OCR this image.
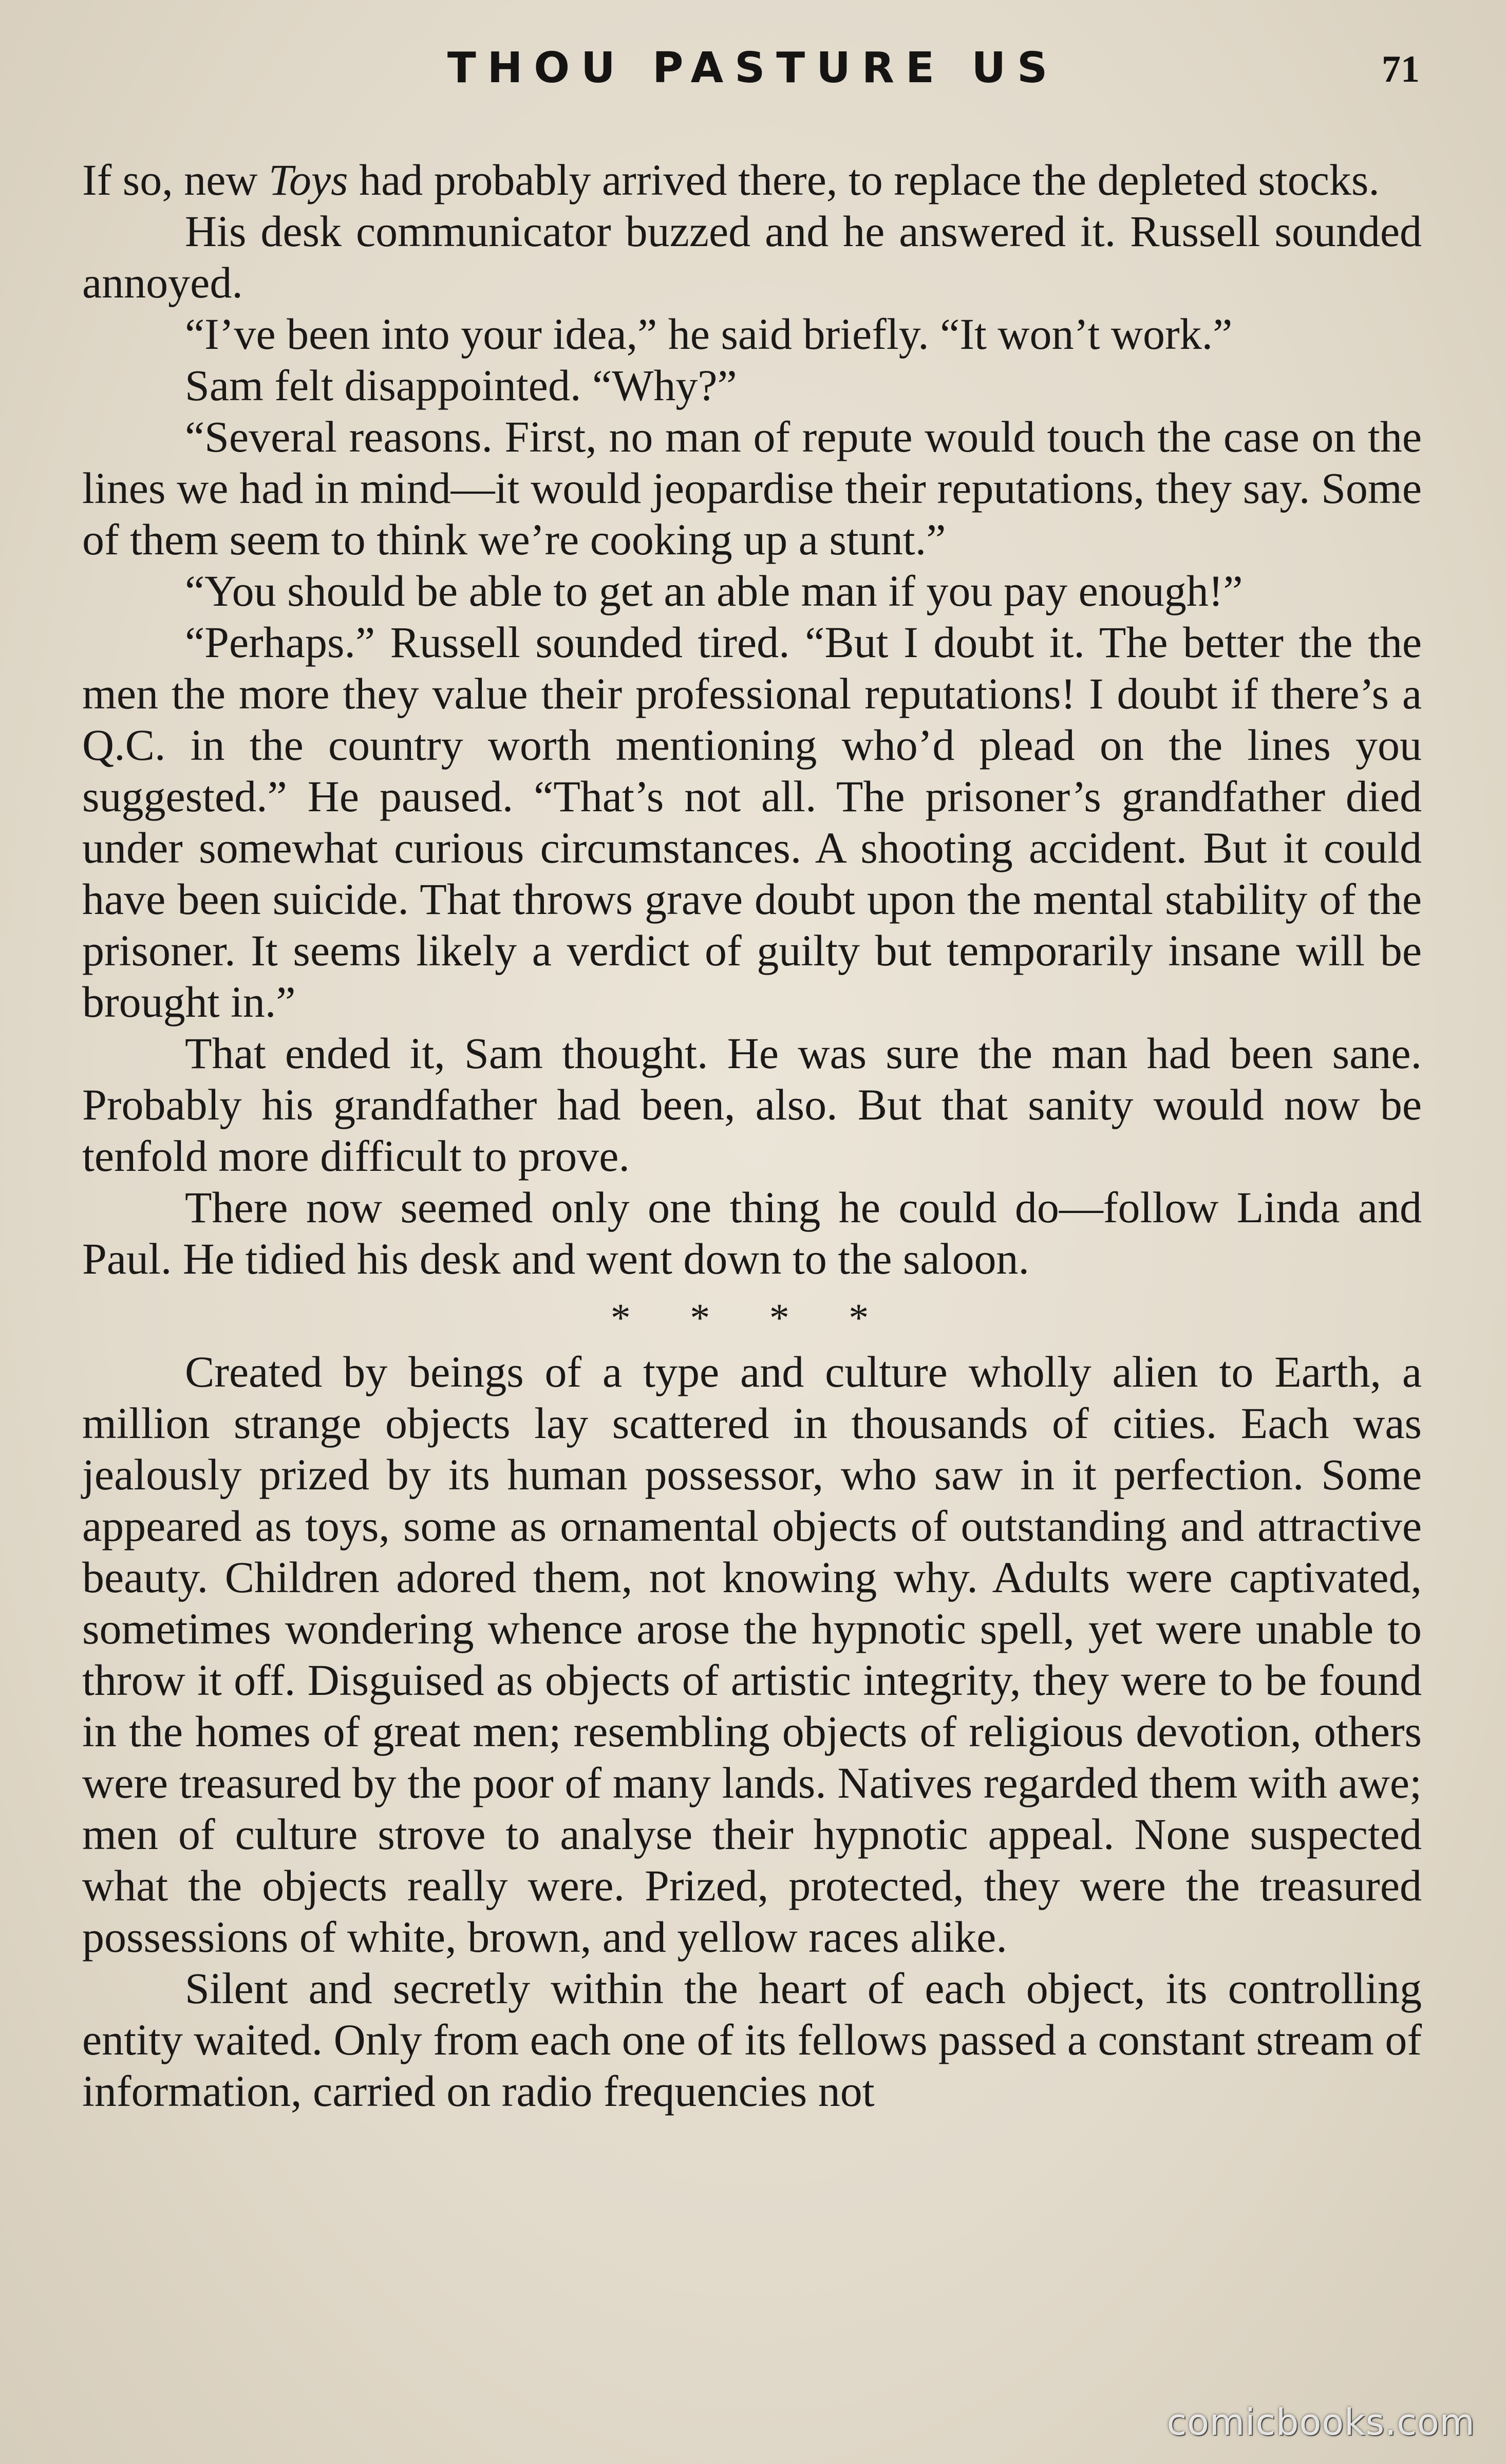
THOU PASTURE US	71

If so, new Toys had probably arrived there, to replace the depleted stocks.

His desk communicator buzzed and he answered it. Russell sounded annoyed.

“I’ve been into your idea,” he said briefly. “It won’t work.”

Sam felt disappointed. “Why?”

“Several reasons. First, no man of repute would touch the case on the lines we had in mind—it would jeopardise their reputations, they say. Some of them seem to think we’re cooking up a stunt.”

“You should be able to get an able man if you pay enough!”

“Perhaps.” Russell sounded tired. “But I doubt it. The better the the men the more they value their professional reputations! I doubt if there’s a Q.C. in the country worth mentioning who’d plead on the lines you suggested.” He paused. “That’s not all. The prisoner’s grandfather died under somewhat curious circumstances. A shooting accident. But it could have been suicide. That throws grave doubt upon the mental stability of the prisoner. It seems likely a verdict of guilty but temporarily insane will be brought in.”

That ended it, Sam thought. He was sure the man had been sane. Probably his grandfather had been, also. But that sanity would now be tenfold more difficult to prove.

There now seemed only one thing he could do—follow Linda and Paul. He tidied his desk and went down to the saloon.

* * * *

Created by beings of a type and culture wholly alien to Earth, a million strange objects lay scattered in thousands of cities. Each was jealously prized by its human possessor, who saw in it perfection. Some appeared as toys, some as ornamental objects of outstanding and attractive beauty. Children adored them, not knowing why. Adults were captivated, sometimes wondering whence arose the hypnotic spell, yet were unable to throw it off. Disguised as objects of artistic integrity, they were to be found in the homes of great men; resembling objects of religious devotion, others were treasured by the poor of many lands. Natives regarded them with awe; men of culture strove to analyse their hypnotic appeal. None suspected what the objects really were. Prized, protected, they were the treasured possessions of white, brown, and yellow races alike.

Silent and secretly within the heart of each object, its controlling entity waited. Only from each one of its fellows passed a constant stream of information, carried on radio frequencies not

comicbooks.com
